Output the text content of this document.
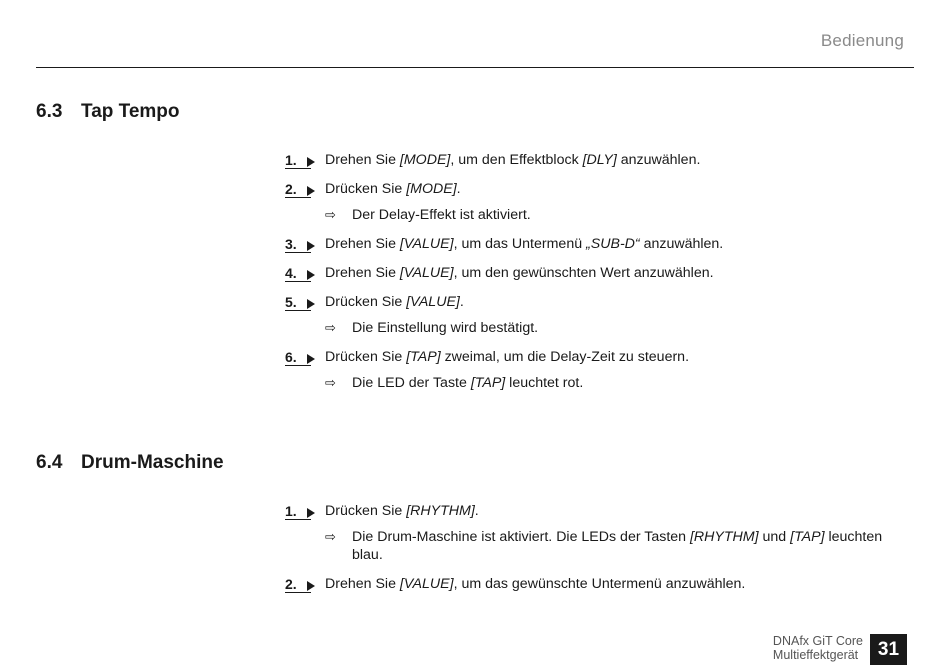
Bedienung
6.3 Tap Tempo
1.	Drehen Sie [MODE], um den Effektblock [DLY] anzuwählen.
2.	Drücken Sie [MODE].
⇨ Der Delay-Effekt ist aktiviert.
3.	Drehen Sie [VALUE], um das Untermenü „SUB-D“ anzuwählen.
4.	Drehen Sie [VALUE], um den gewünschten Wert anzuwählen.
5.	Drücken Sie [VALUE].
⇨ Die Einstellung wird bestätigt.
6.	Drücken Sie [TAP] zweimal, um die Delay-Zeit zu steuern.
⇨ Die LED der Taste [TAP] leuchtet rot.
6.4 Drum-Maschine
1.	Drücken Sie [RHYTHM].
⇨ Die Drum-Maschine ist aktiviert. Die LEDs der Tasten [RHYTHM] und [TAP] leuchten blau.
2.	Drehen Sie [VALUE], um das gewünschte Untermenü anzuwählen.
DNAfx GiT Core
Multieffektgerät	31
